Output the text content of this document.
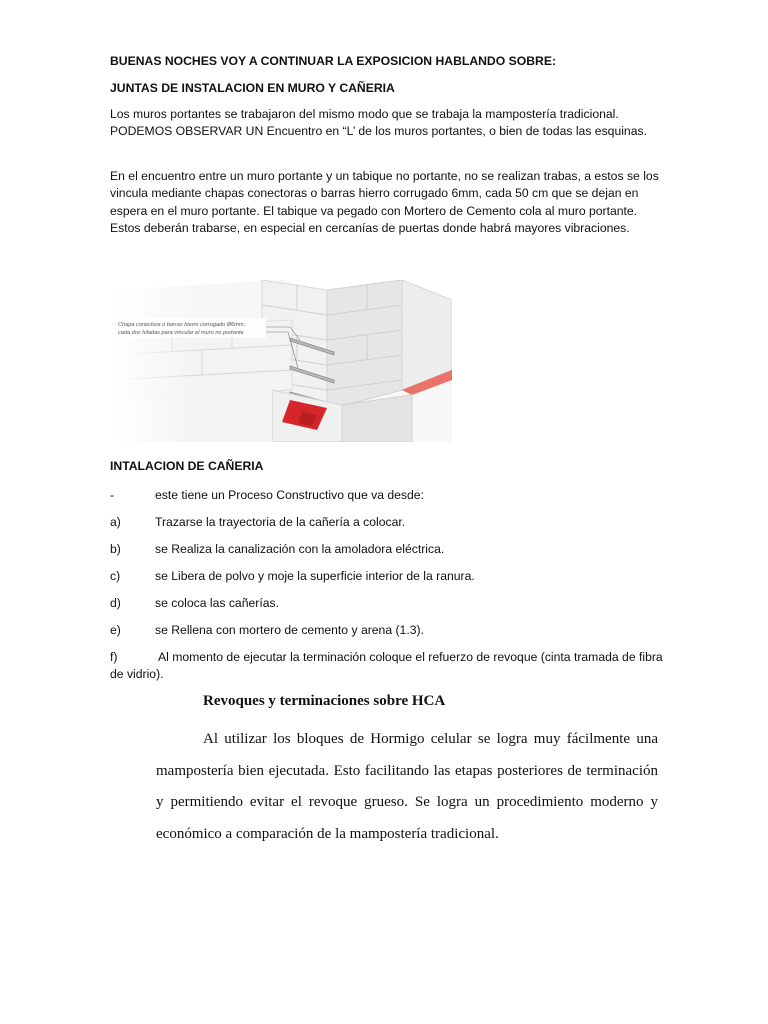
BUENAS NOCHES VOY A CONTINUAR LA EXPOSICION HABLANDO SOBRE:

JUNTAS DE INSTALACION EN MURO Y CAÑERIA

Los muros portantes se trabajaron del mismo modo que se trabaja la mampostería tradicional. PODEMOS OBSERVAR UN Encuentro en “L’ de los muros portantes, o bien de todas las esquinas.

En el encuentro entre un muro portante y un tabique no portante, no se realizan trabas, a estos se los vincula mediante chapas conectoras o barras hierro corrugado 6mm, cada 50 cm que se dejan en espera en el muro portante. El tabique va pegado con Mortero de Cemento cola al muro portante. Estos deberán trabarse, en especial en cercanías de puertas donde habrá mayores vibraciones.

Chapa conectora o barras hierro corrugado Ø6mm,
cada dos hiladas para vincular el muro no portante

INTALACION DE CAÑERIA

-	este tiene un Proceso Constructivo que va desde:
a)	Trazarse la trayectoria de la cañería a colocar.
b)	se Realiza la canalización con la amoladora eléctrica.
c)	se Libera de polvo y moje la superficie interior de la ranura.
d)	se coloca las cañerías.
e)	se Rellena con mortero de cemento y arena (1.3).
f)	Al momento de ejecutar la terminación coloque el refuerzo de revoque (cinta tramada de fibra de vidrio).

Revoques y terminaciones sobre HCA

Al utilizar los bloques de Hormigo celular se logra muy fácilmente una mampostería bien ejecutada. Esto facilitando las etapas posteriores de terminación y permitiendo evitar el revoque grueso. Se logra un procedimiento moderno y económico a comparación de la mampostería tradicional.
